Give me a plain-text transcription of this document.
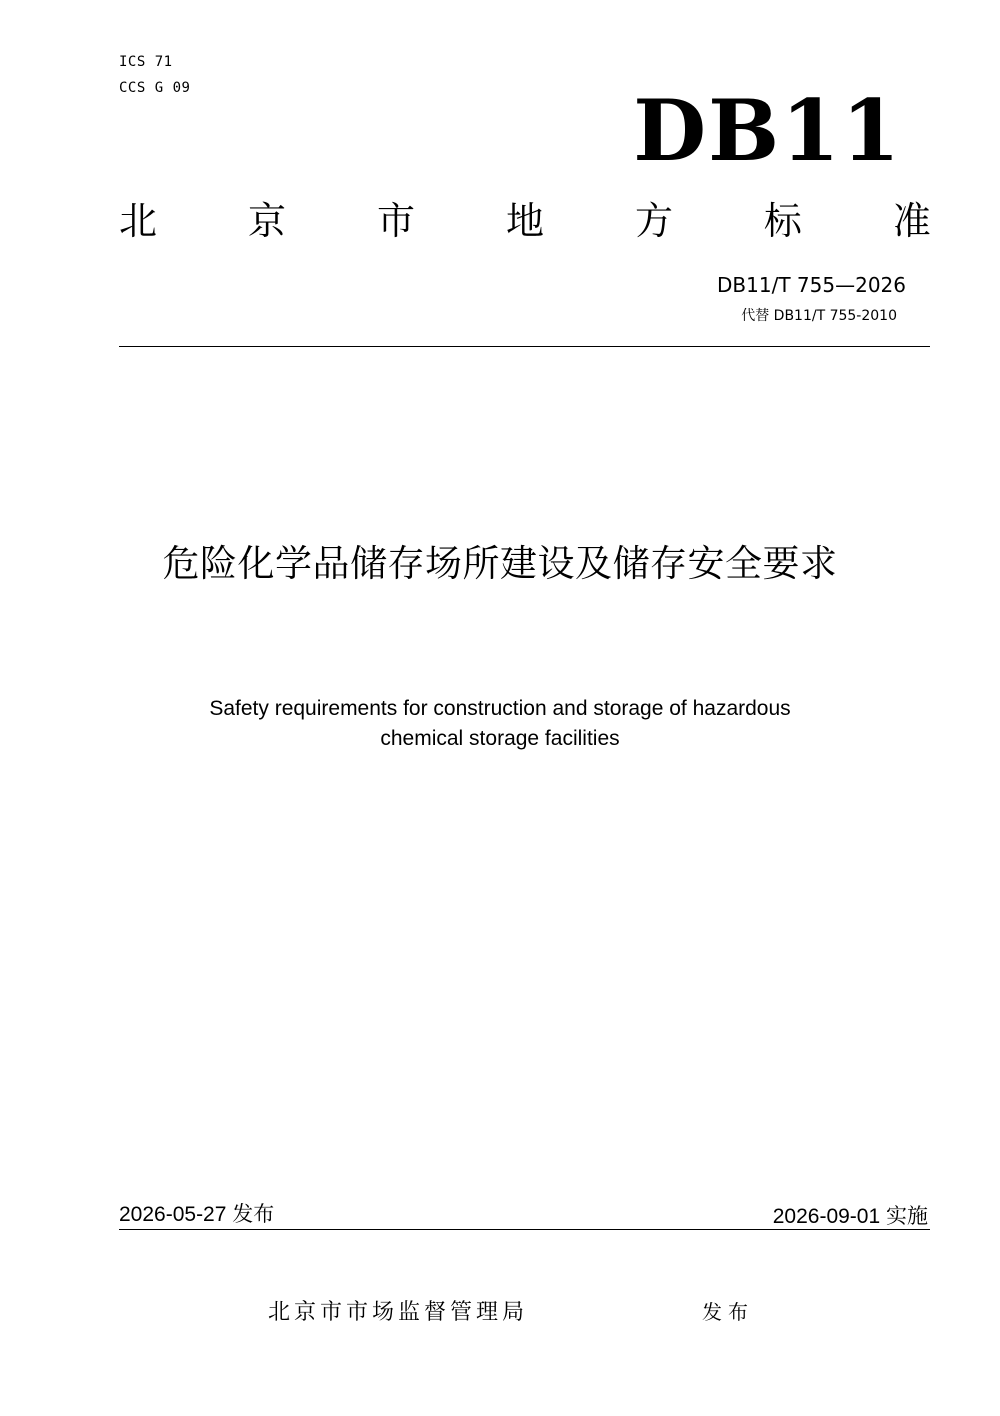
ICS 71
CCS G 09	DB11
北 京 市 地 方 标 准
DB11/T 755—2026
代替 DB11/T 755-2010
危险化学品储存场所建设及储存安全要求
Safety requirements for construction and storage of hazardous
chemical storage facilities
2026-05-27 发布	2026-09-01 实施
北京市市场监督管理局	发布
